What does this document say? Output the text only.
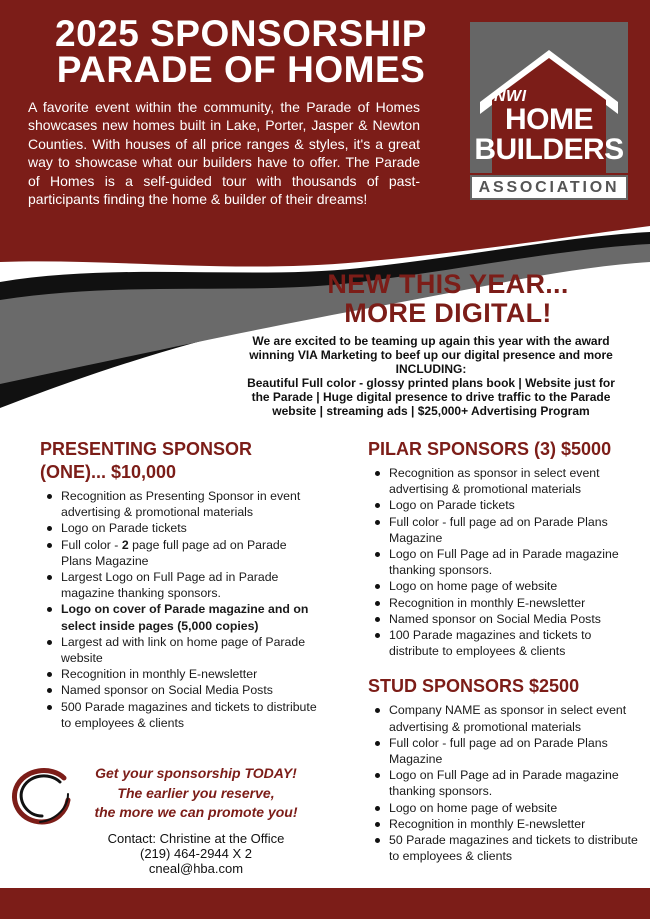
2025 SPONSORSHIP
PARADE OF HOMES

A favorite event within the community, the Parade of Homes showcases new homes built in Lake, Porter, Jasper & Newton Counties. With houses of all price ranges & styles, it's a great way to showcase what our builders have to offer. The Parade of Homes is a self-guided tour with thousands of past-participants finding the home & builder of their dreams!

NWI
HOME
BUILDERS
ASSOCIATION
NEW THIS YEAR...
MORE DIGITAL!

We are excited to be teaming up again this year with the award winning VIA Marketing to beef up our digital presence and more INCLUDING:

Beautiful Full color - glossy printed plans book | Website just for the Parade | Huge digital presence to drive traffic to the Parade website | streaming ads | $25,000+ Advertising Program

PRESENTING SPONSOR
(ONE)... $10,000
Recognition as Presenting Sponsor in event advertising & promotional materials
Logo on Parade tickets
Full color - 2 page full page ad on Parade Plans Magazine
Largest Logo on Full Page ad in Parade magazine thanking sponsors.
Logo on cover of Parade magazine and on select inside pages (5,000 copies)
Largest ad with link on home page of Parade website
Recognition in monthly E-newsletter
Named sponsor on Social Media Posts
500 Parade magazines and tickets to distribute to employees & clients
PILAR SPONSORS (3) $5000
Recognition as sponsor in select event advertising & promotional materials
Logo on Parade tickets
Full color - full page ad on Parade Plans Magazine
Logo on Full Page ad in Parade magazine thanking sponsors.
Logo on home page of website
Recognition in monthly E-newsletter
Named sponsor on Social Media Posts
100 Parade magazines and tickets to distribute to employees & clients
STUD SPONSORS $2500
Company NAME as sponsor in select event advertising & promotional materials
Full color - full page ad on Parade Plans Magazine
Logo on Full Page ad in Parade magazine thanking sponsors.
Logo on home page of website
Recognition in monthly E-newsletter
50 Parade magazines and tickets to distribute to employees & clients
Get your sponsorship TODAY!
The earlier you reserve,
the more we can promote you!
Contact: Christine at the Office
(219) 464-2944 X 2
cneal@hba.com
